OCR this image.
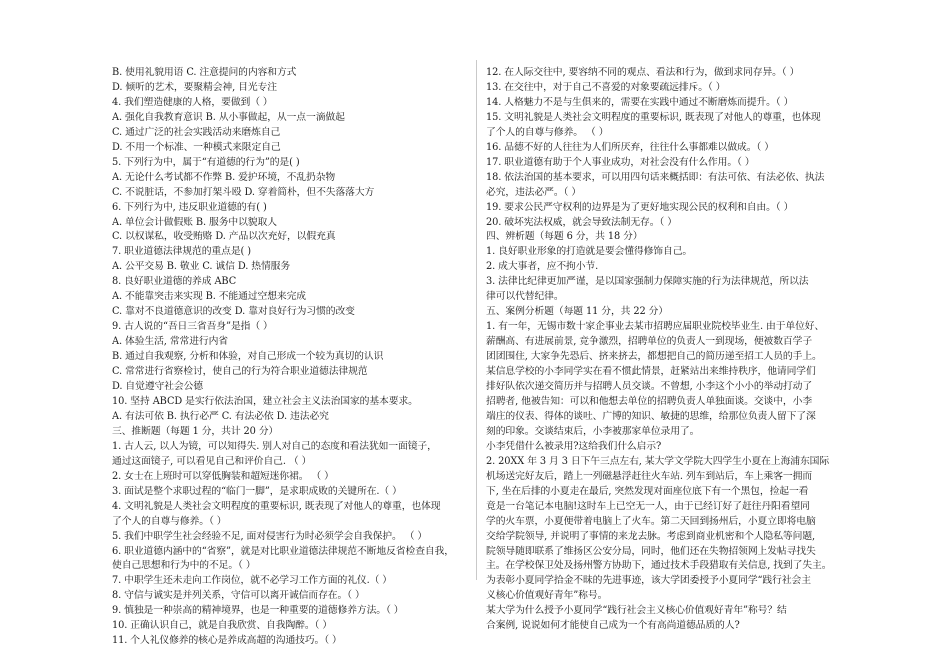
B. 使用礼貌用语 C. 注意提问的内容和方式
D. 倾听的艺术，要聚精会神, 目光专注
4. 我们塑造健康的人格，要做到（ ）
A. 强化自我教育意识 B. 从小事做起，从一点一滴做起
C. 通过广泛的社会实践活动来磨炼自己
D. 不用一个标准、一种模式来限定自己
5. 下列行为中，属于“有道德的行为”的是( )
A. 无论什么考试都不作弊 B. 爱护环境，不乱扔杂物
C. 不说脏话，不参加打架斗殴 D. 穿着简朴，但不失落落大方
6. 下列行为中, 违反职业道德的有( )
A. 单位会计做假账 B. 服务中以貌取人
C. 以权谋私，收受贿赂 D. 产品以次充好，以假充真
7. 职业道德法律规范的重点是( )
A. 公平交易 B. 敬业 C. 诚信 D. 热情服务
8. 良好职业道德的养成 ABC
A. 不能靠突击来实现 B. 不能通过空想来完成
C. 靠对不良道德意识的改变 D. 靠对良好行为习惯的改变
9. 古人说的“吾日三省吾身”是指（ ）
A. 体验生活, 常常进行内省
B. 通过自我观察, 分析和体验，对自己形成一个较为真切的认识
C. 常常进行省察检讨，使自己的行为符合职业道德法律规范
D. 自觉遵守社会公德
10. 坚持 ABCD 是实行依法治国，建立社会主义法治国家的基本要求。
A. 有法可依 B. 执行必严 C. 有法必依 D. 违法必究
三、推断题（每题 1 分，共计 20 分）
1. 古人云, 以人为镜，可以知得失. 别人对自己的态度和看法犹如一面镜子，
通过这面镜子, 可以看见自己和评价自己. （ ）
2. 女士在上班时可以穿低胸装和超短迷你裙。 （ ）
3. 面试是整个求职过程的“临门一脚”，是求职成败的关键所在.（ ）
4. 文明礼貌是人类社会文明程度的重要标识, 既表现了对他人的尊重，也体现
了个人的自尊与修养。（ ）
5. 我们中职学生社会经验不足, 面对侵害行为时必须学会自我保护。 （ ）
6. 职业道德内涵中的“省察”，就是对比职业道德法律规范不断地反省检查自我，
使自己思想和行为中的不足。（ ）
7. 中职学生还未走向工作岗位，就不必学习工作方面的礼仪.（ ）
8. 守信与诚实是并列关系，守信可以离开诚信而存在。（ ）
9. 慎独是一种崇高的精神境界，也是一种重要的道德修养方法。（ ）
10. 正确认识自己，就是自我欣赏、自我陶醉。（ ）
11. 个人礼仪修养的核心是养成高超的沟通技巧。（ ）
12. 在人际交往中, 要容纳不同的观点、看法和行为，做到求同存异。（ ）
13. 在交往中，对于自己不喜爱的对象要疏远排斥。（ ）
14. 人格魅力不是与生俱来的，需要在实践中通过不断磨炼而提升。（ ）
15. 文明礼貌是人类社会文明程度的重要标识, 既表现了对他人的尊重，也体现
了个人的自尊与修养。 （ ）
16. 品德不好的人往往为人们所厌弃，往往什么事都难以做成。（ ）
17. 职业道德有助于个人事业成功，对社会没有什么作用。（ ）
18. 依法治国的基本要求，可以用四句话来概括即：有法可依、有法必依、执法
必究，违法必严。（ ）
19. 要求公民严守权利的边界是为了更好地实现公民的权利和自由。（ ）
20. 破坏宪法权威，就会导致法制无存。（ ）
四、辨析题（每题 6 分，共 18 分）
1. 良好职业形象的打造就是要会懂得修饰自己。
2. 成大事者，应不拘小节.
3. 法律比纪律更加严谨，是以国家强制力保障实施的行为法律规范，所以法
律可以代替纪律。
五、案例分析题（每题 11 分，共 22 分）
1. 有一年，无锡市数十家企事业去某市招聘应届职业院校毕业生. 由于单位好、
薪酬高、有进展前景, 竞争激烈，招聘单位的负责人一到现场，便被数百学子
团团围住, 大家争先恐后、挤来挤去，都想把自己的简历递至招工人员的手上。
某信息学校的小李同学实在看不惯此情景，赶紧站出来维持秩序，他请同学们
排好队依次递交简历并与招聘人员交谈。不曾想, 小李这个小小的举动打动了
招聘者, 他被告知：可以和他想去单位的招聘负责人单独面谈。交谈中，小李
端庄的仪表、得体的谈吐、广博的知识、敏捷的思维，给那位负责人留下了深
刻的印象。交谈结束后，小李被那家单位录用了。
小李凭借什么被录用?这给我们什么启示?
2. 20XX 年 3 月 3 日下午三点左右, 某大学文学院大四学生小夏在上海浦东国际
机场送完好友后，踏上一列磁悬浮赶往火车站. 列车到站后，车上乘客一拥而
下, 坐在后排的小夏走在最后, 突然发现对面座位底下有一个黑包，捡起一看
竟是一台笔记本电脑!这时车上已空无一人，由于已经订好了赶往丹阳看望同
学的火车票，小夏便带着电脑上了火车。第二天回到扬州后，小夏立即将电脑
交给学院领导, 并说明了事情的来龙去脉。考虑到商业机密和个人隐私等问题,
院领导随即联系了维扬区公安分局，同时，他们还在失物招领网上发帖寻找失
主。在学校保卫处及扬州警方协助下，通过技术手段猎取有关信息, 找到了失主。
为表彰小夏同学拾金不昧的先进事迹，该大学团委授予小夏同学“践行社会主
义核心价值观好青年”称号。
某大学为什么授予小夏同学“践行社会主义核心价值观好青年”称号？结
合案例, 说说如何才能使自己成为一个有高尚道德品质的人?
